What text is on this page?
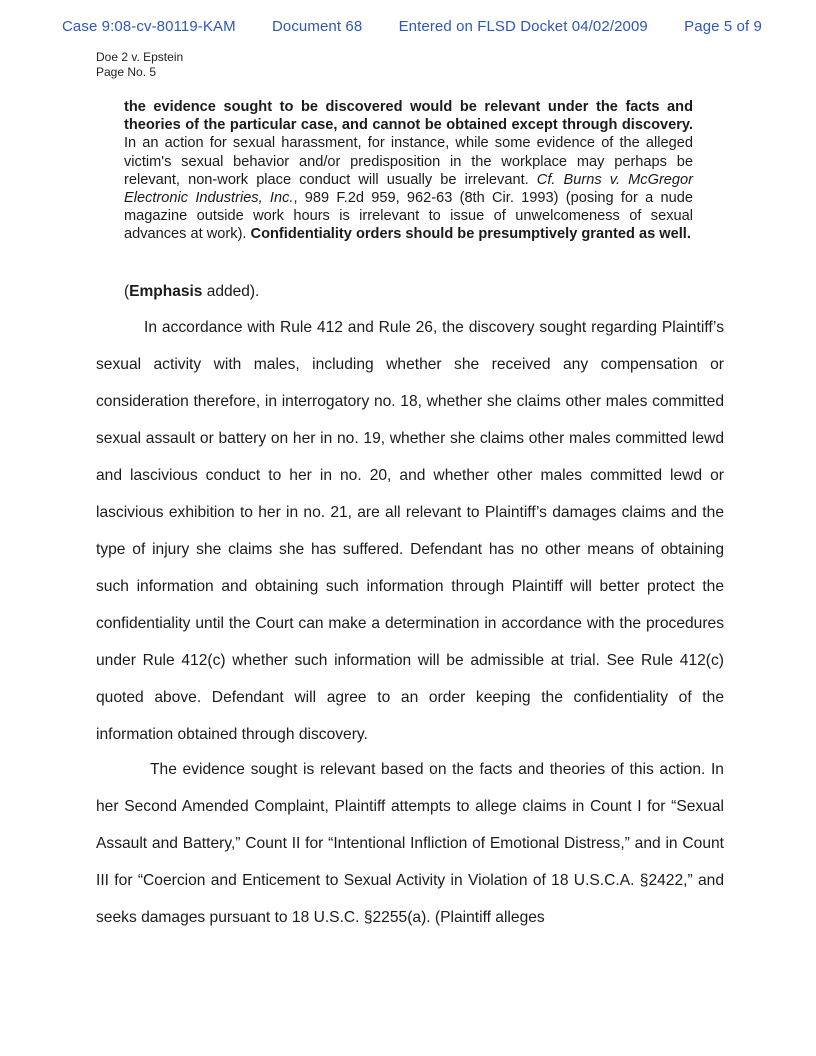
Case 9:08-cv-80119-KAM Document 68 Entered on FLSD Docket 04/02/2009 Page 5 of 9
Doe 2 v. Epstein
Page No. 5
the evidence sought to be discovered would be relevant under the facts and theories of the particular case, and cannot be obtained except through discovery. In an action for sexual harassment, for instance, while some evidence of the alleged victim's sexual behavior and/or predisposition in the workplace may perhaps be relevant, non-work place conduct will usually be irrelevant. Cf. Burns v. McGregor Electronic Industries, Inc., 989 F.2d 959, 962-63 (8th Cir. 1993) (posing for a nude magazine outside work hours is irrelevant to issue of unwelcomeness of sexual advances at work). Confidentiality orders should be presumptively granted as well.
(Emphasis added).
In accordance with Rule 412 and Rule 26, the discovery sought regarding Plaintiff’s sexual activity with males, including whether she received any compensation or consideration therefore, in interrogatory no. 18, whether she claims other males committed sexual assault or battery on her in no. 19, whether she claims other males committed lewd and lascivious conduct to her in no. 20, and whether other males committed lewd or lascivious exhibition to her in no. 21, are all relevant to Plaintiff’s damages claims and the type of injury she claims she has suffered. Defendant has no other means of obtaining such information and obtaining such information through Plaintiff will better protect the confidentiality until the Court can make a determination in accordance with the procedures under Rule 412(c) whether such information will be admissible at trial. See Rule 412(c) quoted above. Defendant will agree to an order keeping the confidentiality of the information obtained through discovery.
The evidence sought is relevant based on the facts and theories of this action. In her Second Amended Complaint, Plaintiff attempts to allege claims in Count I for “Sexual Assault and Battery,” Count II for “Intentional Infliction of Emotional Distress,” and in Count III for “Coercion and Enticement to Sexual Activity in Violation of 18 U.S.C.A. §2422,” and seeks damages pursuant to 18 U.S.C. §2255(a). (Plaintiff alleges
